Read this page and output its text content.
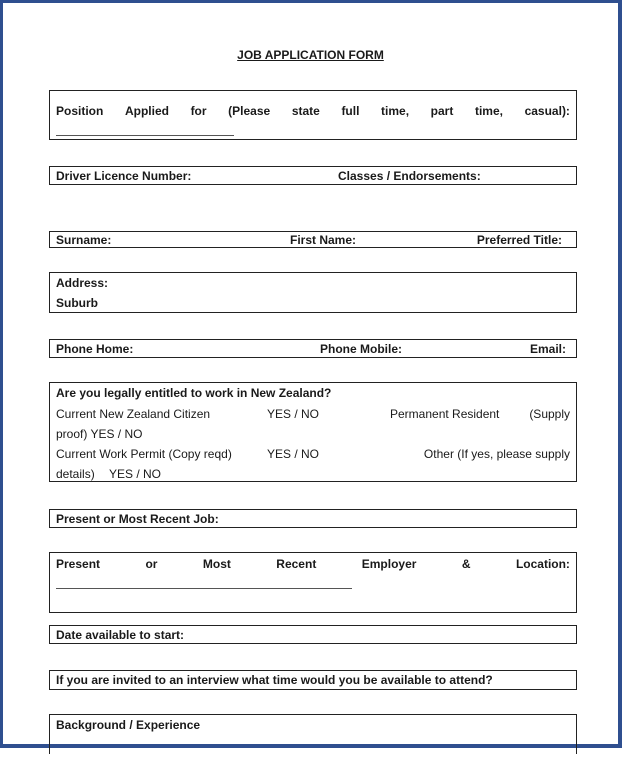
JOB APPLICATION FORM
Position Applied for (Please state full time, part time, casual):
Driver Licence Number:	Classes / Endorsements:
Surname:	First Name:	Preferred Title:
Address:
Suburb
Phone Home:	Phone Mobile:	Email:
Are you legally entitled to work in New Zealand?
Current New Zealand Citizen	YES / NO	Permanent Resident (Supply
proof) YES / NO
Current Work Permit (Copy reqd)	YES / NO	Other (If yes, please supply
details) YES / NO
Present or Most Recent Job:
Present	or	Most	Recent	Employer	&	Location:
Date available to start:
If you are invited to an interview what time would you be available to attend?
Background / Experience
